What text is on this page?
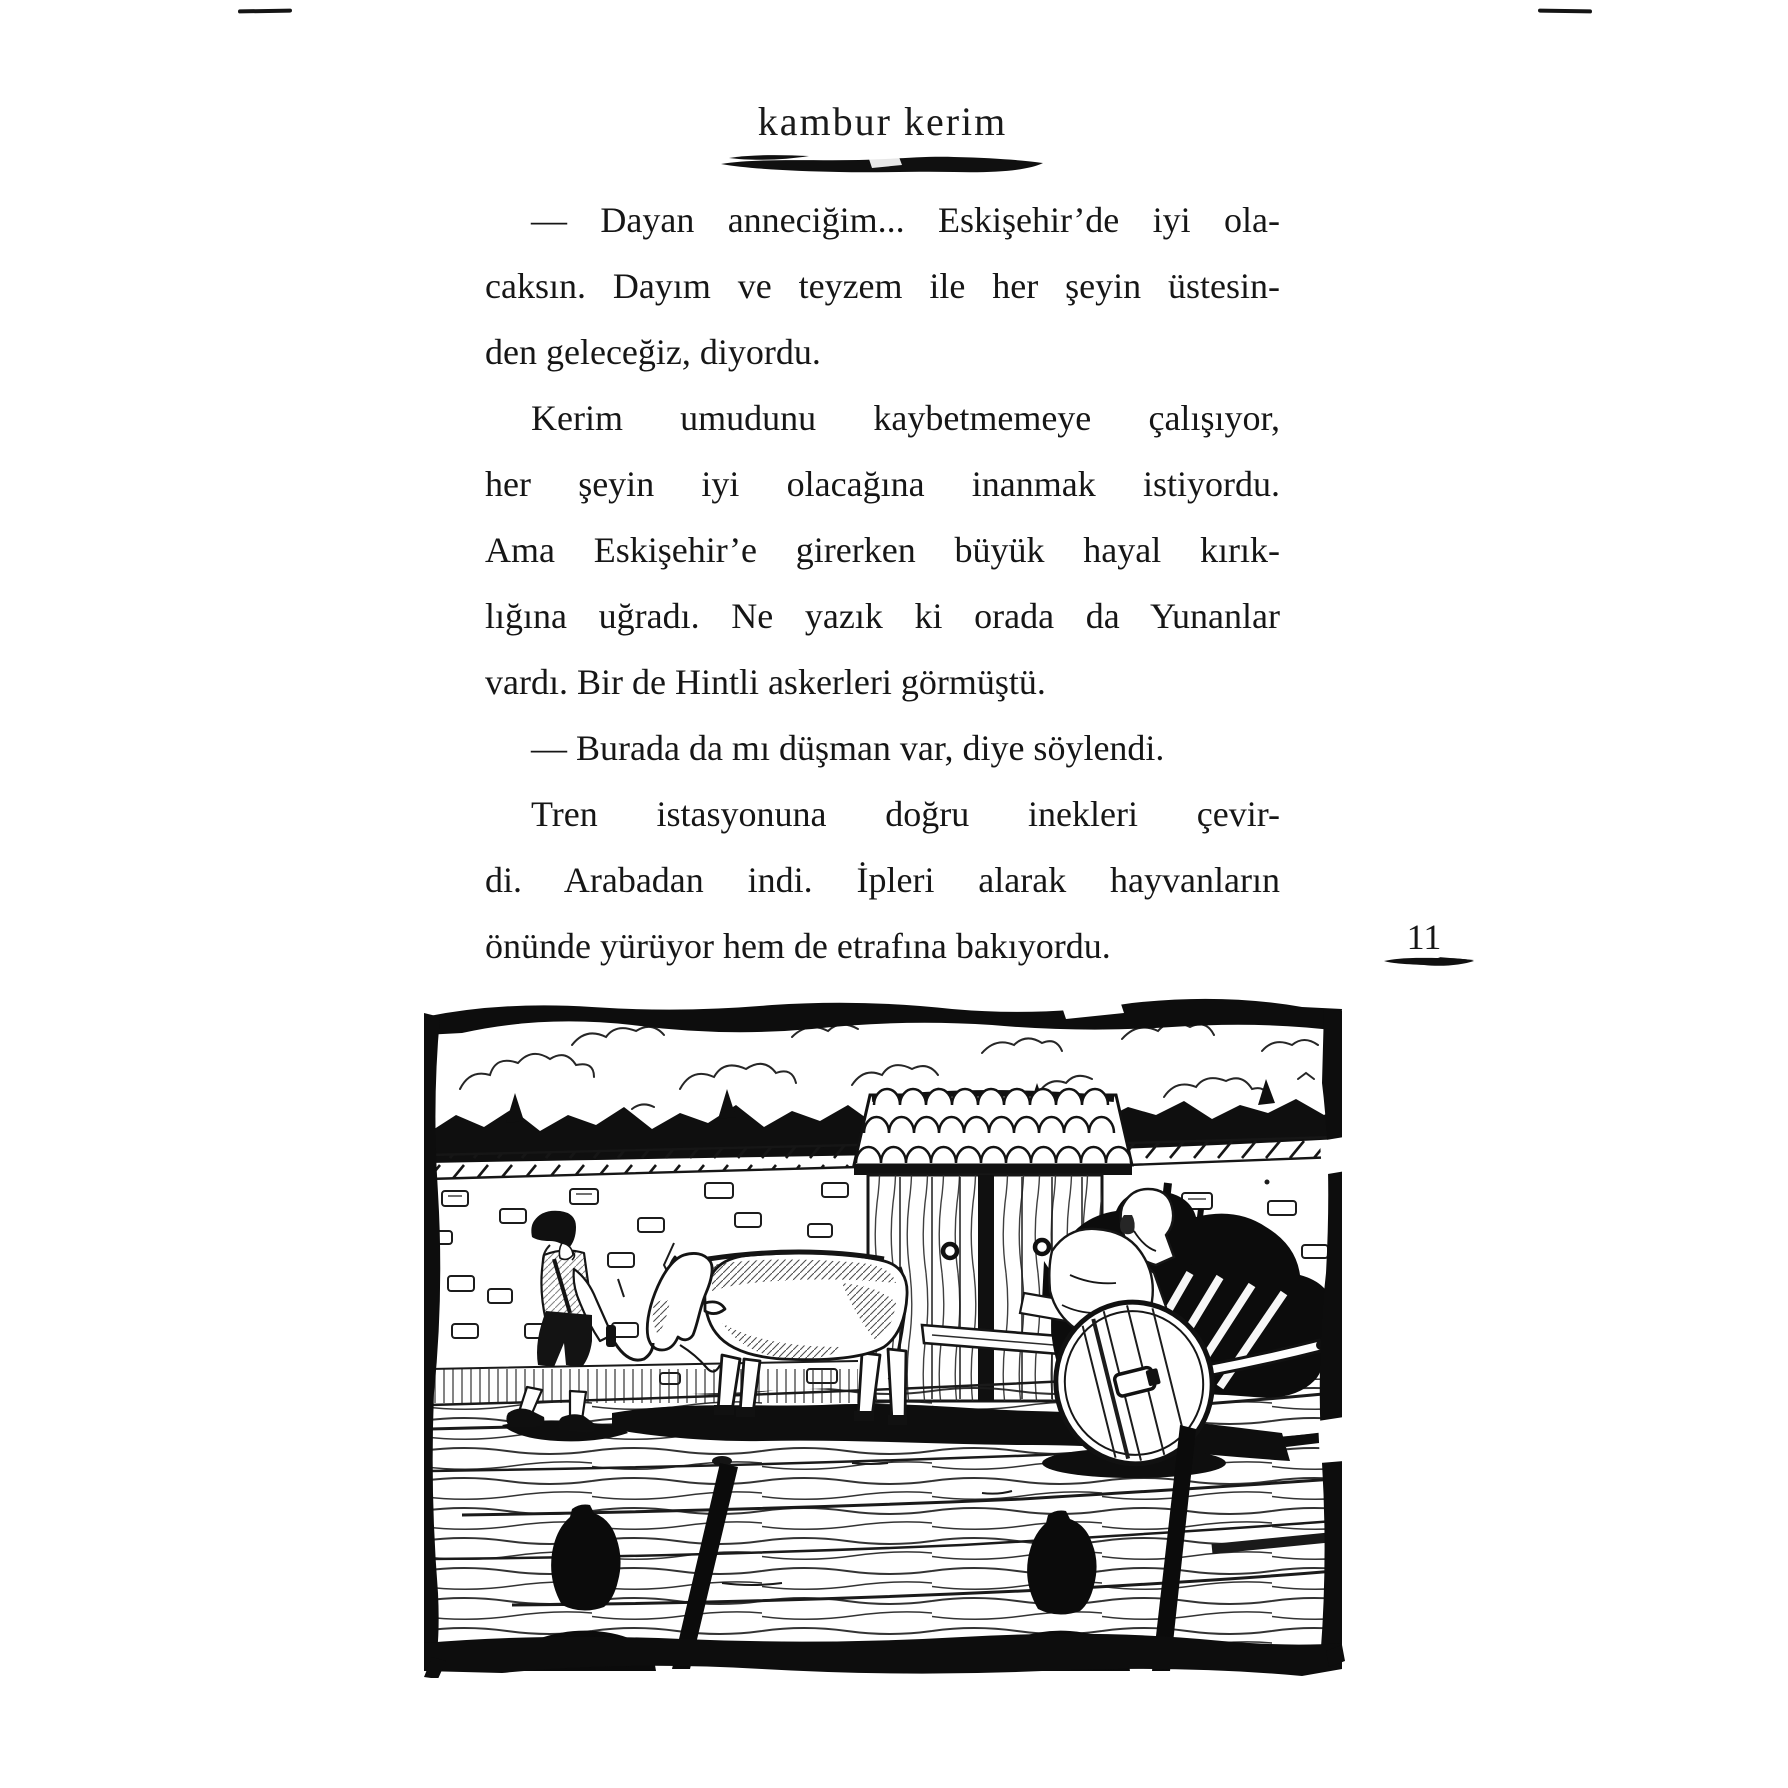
kambur kerim
— Dayan anneciğim... Eskişehir’de iyi ola-
caksın. Dayım ve teyzem ile her şeyin üstesin-
den geleceğiz, diyordu.
Kerim umudunu kaybetmemeye çalışıyor,
her şeyin iyi olacağına inanmak istiyordu.
Ama Eskişehir’e girerken büyük hayal kırık-
lığına uğradı. Ne yazık ki orada da Yunanlar
vardı. Bir de Hintli askerleri görmüştü.
— Burada da mı düşman var, diye söylendi.
Tren istasyonuna doğru inekleri çevir-
di. Arabadan indi. İpleri alarak hayvanların
önünde yürüyor hem de etrafına bakıyordu.	11
